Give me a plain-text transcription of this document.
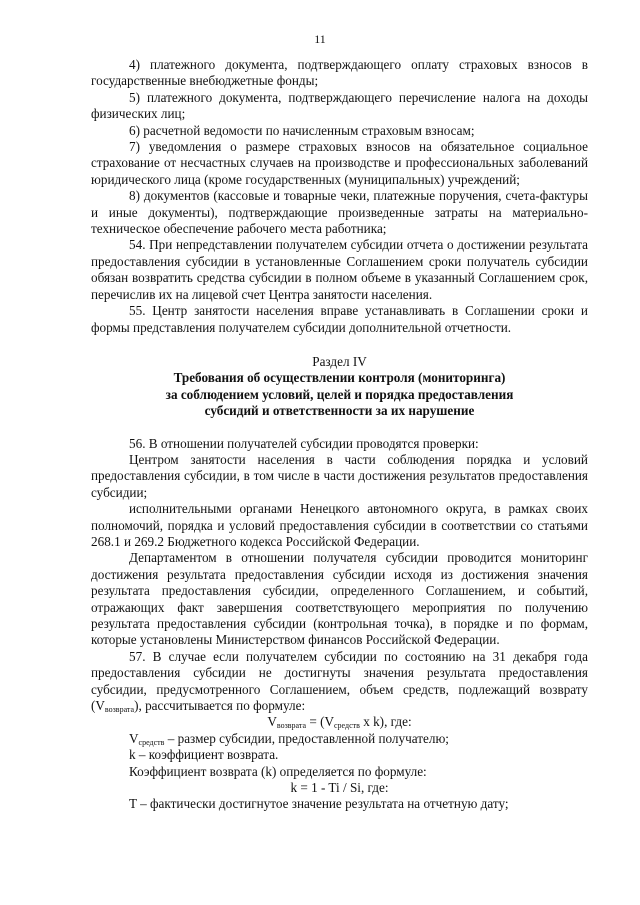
11

4) платежного документа, подтверждающего оплату страховых взносов в государственные внебюджетные фонды;

5) платежного документа, подтверждающего перечисление налога на доходы физических лиц;

6) расчетной ведомости по начисленным страховым взносам;

7) уведомления о размере страховых взносов на обязательное социальное страхование от несчастных случаев на производстве и профессиональных заболеваний юридического лица (кроме государственных (муниципальных) учреждений;

8) документов (кассовые и товарные чеки, платежные поручения, счета-фактуры и иные документы), подтверждающие произведенные затраты на материально-техническое обеспечение рабочего места работника;

54. При непредставлении получателем субсидии отчета о достижении результата предоставления субсидии в установленные Соглашением сроки получатель субсидии обязан возвратить средства субсидии в полном объеме в указанный Соглашением срок, перечислив их на лицевой счет Центра занятости населения.

55. Центр занятости населения вправе устанавливать в Соглашении сроки и формы представления получателем субсидии дополнительной отчетности.

Раздел IV
Требования об осуществлении контроля (мониторинга)
за соблюдением условий, целей и порядка предоставления
субсидий и ответственности за их нарушение

56. В отношении получателей субсидии проводятся проверки:

Центром занятости населения в части соблюдения порядка и условий предоставления субсидии, в том числе в части достижения результатов предоставления субсидии;

исполнительными органами Ненецкого автономного округа, в рамках своих полномочий, порядка и условий предоставления субсидии в соответствии со статьями 268.1 и 269.2 Бюджетного кодекса Российской Федерации.

Департаментом в отношении получателя субсидии проводится мониторинг достижения результата предоставления субсидии исходя из достижения значения результата предоставления субсидии, определенного Соглашением, и событий, отражающих факт завершения соответствующего мероприятия по получению результата предоставления субсидии (контрольная точка), в порядке и по формам, которые установлены Министерством финансов Российской Федерации.

57. В случае если получателем субсидии по состоянию на 31 декабря года предоставления субсидии не достигнуты значения результата предоставления субсидии, предусмотренного Соглашением, объем средств, подлежащий возврату $(V_{возврата})$, рассчитывается по формуле:

$V_{возврата} = (V_{средств}$ x k), где:

$V_{средств}$ – размер субсидии, предоставленной получателю;

k – коэффициент возврата.

Коэффициент возврата (k) определяется по формуле:

k = 1 - Ti / Si, где:

T – фактически достигнутое значение результата на отчетную дату;
